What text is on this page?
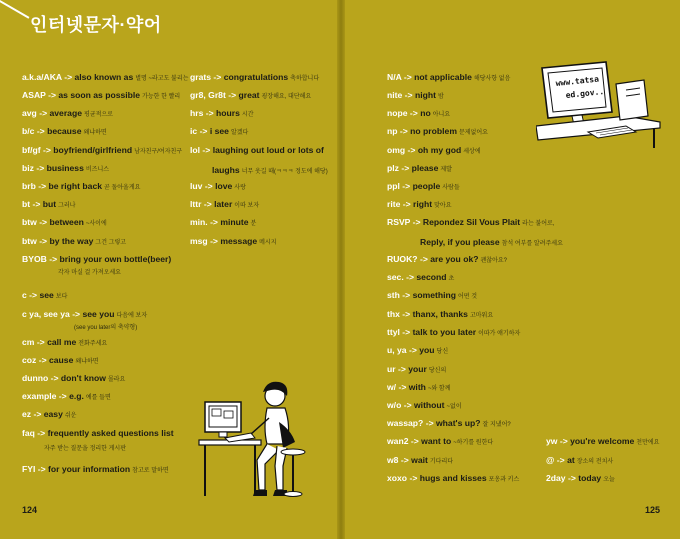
인터넷문자·약어
a.k.a/AKA -> also known as 별명 ~라고도 불리는
ASAP -> as soon as possible 가능한 한 빨리
avg -> average 평균적으로
b/c -> because 왜냐하면
bf/gf -> boyfriend/girlfriend 남자친구/여자친구
biz -> business 비즈니스
brb -> be right back 곧 돌아올게요
bt -> but 그러나
btw -> between ~사이에
btw -> by the way 그건 그렇고
BYOB -> bring your own bottle(beer)
c -> see 보다
c ya, see ya -> see you 다음에 보자
cm -> call me 전화주세요
coz -> cause 왜냐하면
dunno -> don't know 몰라요
example -> e.g. 예를 들면
ez -> easy 쉬운
faq -> frequently asked questions list
FYI -> for your information 참고로 말하면
grats -> congratulations 축하합니다
gr8, Gr8t -> great 굉장해요, 대단해요
hrs -> hours 시간
ic -> i see 알겠다
lol -> laughing out loud or lots of
luv -> love 사랑
lttr -> later 이따 보자
min. -> minute 분
msg -> message 메시지
N/A -> not applicable 해당사항 없음
nite -> night 밤
nope -> no 아니요
np -> no problem 문제없어요
omg -> oh my god 세상에
plz -> please 제발
ppl -> people 사람들
rite -> right 맞아요
RSVP -> Repondez Sil Vous Plait 라는 불어로,
RUOK? -> are you ok? 괜찮아요?
sec. -> second 초
sth -> something 어떤 것
thx -> thanx, thanks 고마워요
ttyl -> talk to you later 이따가 얘기하자
u, ya -> you 당신
ur -> your 당신의
w/ -> with ~와 함께
w/o -> without ~없이
wassap? -> what's up? 잘 지냈어?
wan2 -> want to ~하기를 원한다
w8 -> wait 기다리다
xoxo -> hugs and kisses 포옹과 키스
yw -> you're welcome 천만에요
@ -> at 장소의 전치사
2day -> today 오늘
각자 마실 걸 가져오세요
(see you later의 축약형)
자주 받는 질문을 정리한 게시판
laughs 너무 웃길 때(ㅋㅋㅋ 정도에 해당)
Reply, if you please 참석 여부를 알려주세요
124	125
www.tatsa
ed.gov..
